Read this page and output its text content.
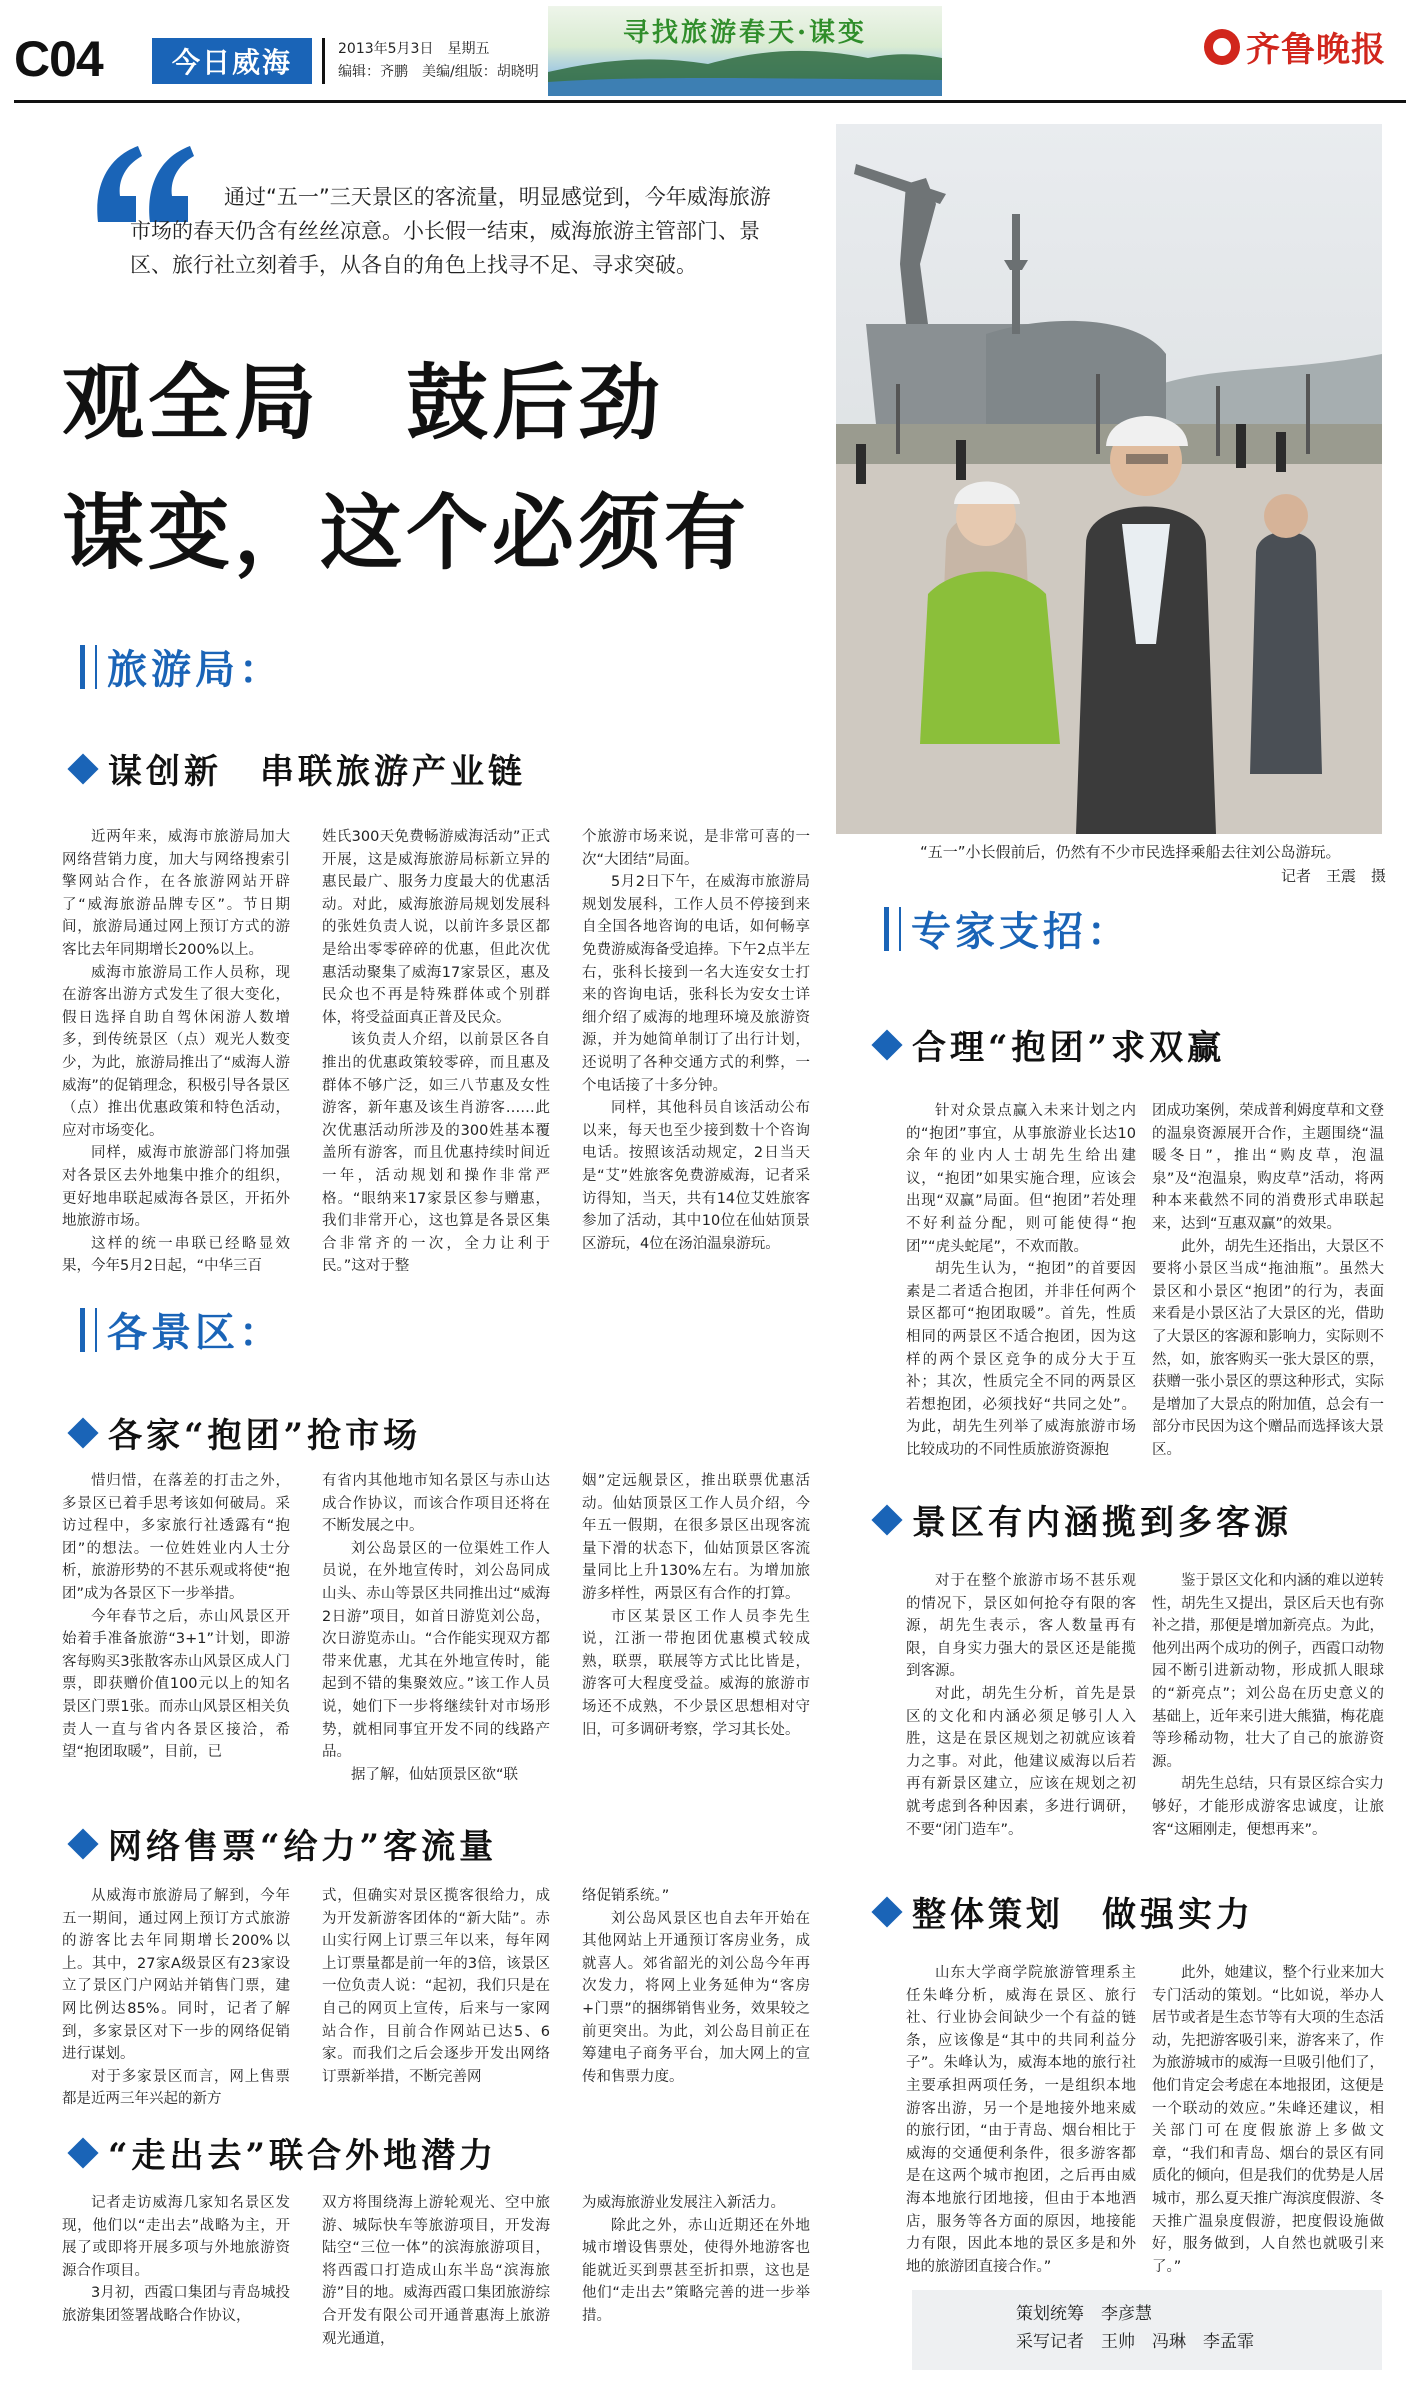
C04	今日威海	2013年5月3日　星期五
编辑：齐鹏　美编/组版：胡晓明
寻找旅游春天·谋变	齐鲁晚报
通过“五一”三天景区的客流量，明显感觉到，今年威海旅游市场的春天仍含有丝丝凉意。小长假一结束，威海旅游主管部门、景区、旅行社立刻着手，从各自的角色上找寻不足、寻求突破。
观全局　鼓后劲
谋变，这个必须有
“五一”小长假前后，仍然有不少市民选择乘船去往刘公岛游玩。
记者　王震　摄
旅游局：
各景区：
专家支招：
谋创新　串联旅游产业链
各家“抱团”抢市场
网络售票“给力”客流量
“走出去”联合外地潜力
合理“抱团”求双赢
景区有内涵揽到多客源
整体策划　做强实力

近两年来，威海市旅游局加大网络营销力度，加大与网络搜索引擎网站合作，在各旅游网站开辟了“威海旅游品牌专区”。节日期间，旅游局通过网上预订方式的游客比去年同期增长200%以上。

威海市旅游局工作人员称，现在游客出游方式发生了很大变化，假日选择自助自驾休闲游人数增多，到传统景区（点）观光人数变少，为此，旅游局推出了“威海人游威海”的促销理念，积极引导各景区（点）推出优惠政策和特色活动，应对市场变化。

同样，威海市旅游部门将加强对各景区去外地集中推介的组织，更好地串联起威海各景区，开拓外地旅游市场。

这样的统一串联已经略显效果，今年5月2日起，“中华三百

姓氏300天免费畅游威海活动”正式开展，这是威海旅游局标新立异的惠民最广、服务力度最大的优惠活动。对此，威海旅游局规划发展科的张姓负责人说，以前许多景区都是给出零零碎碎的优惠，但此次优惠活动聚集了威海17家景区，惠及民众也不再是特殊群体或个别群体，将受益面真正普及民众。

该负责人介绍，以前景区各自推出的优惠政策较零碎，而且惠及群体不够广泛，如三八节惠及女性游客，新年惠及该生肖游客……此次优惠活动所涉及的300姓基本覆盖所有游客，而且优惠持续时间近一年，活动规划和操作非常严格。“眼纳来17家景区参与赠惠，我们非常开心，这也算是各景区集合非常齐的一次，全力让利于民。”这对于整

个旅游市场来说，是非常可喜的一次“大团结”局面。

5月2日下午，在威海市旅游局规划发展科，工作人员不停接到来自全国各地咨询的电话，如何畅享免费游威海备受追捧。下午2点半左右，张科长接到一名大连安女士打来的咨询电话，张科长为安女士详细介绍了威海的地理环境及旅游资源，并为她简单制订了出行计划，还说明了各种交通方式的利弊，一个电话接了十多分钟。

同样，其他科员自该活动公布以来，每天也至少接到数十个咨询电话。按照该活动规定，2日当天是“艾”姓旅客免费游威海，记者采访得知，当天，共有14位艾姓旅客参加了活动，其中10位在仙姑顶景区游玩，4位在汤泊温泉游玩。

惜归惜，在落差的打击之外，多景区已着手思考该如何破局。采访过程中，多家旅行社透露有“抱团”的想法。一位姓姓业内人士分析，旅游形势的不甚乐观或将使“抱团”成为各景区下一步举措。

今年春节之后，赤山风景区开始着手准备旅游“3+1”计划，即游客每购买3张散客赤山风景区成人门票，即获赠价值100元以上的知名景区门票1张。而赤山风景区相关负责人一直与省内各景区接洽，希望“抱团取暖”，目前，已

有省内其他地市知名景区与赤山达成合作协议，而该合作项目还将在不断发展之中。

刘公岛景区的一位渠姓工作人员说，在外地宣传时，刘公岛同成山头、赤山等景区共同推出过“威海2日游”项目，如首日游览刘公岛，次日游览赤山。“合作能实现双方都带来优惠，尤其在外地宣传时，能起到不错的集聚效应。”该工作人员说，她们下一步将继续针对市场形势，就相同事宜开发不同的线路产品。

据了解，仙姑顶景区欲“联

姻”定远舰景区，推出联票优惠活动。仙姑顶景区工作人员介绍，今年五一假期，在很多景区出现客流量下滑的状态下，仙姑顶景区客流量同比上升130%左右。为增加旅游多样性，两景区有合作的打算。

市区某景区工作人员李先生说，江浙一带抱团优惠模式较成熟，联票，联展等方式比比皆是，游客可大程度受益。威海的旅游市场还不成熟，不少景区思想相对守旧，可多调研考察，学习其长处。

从威海市旅游局了解到，今年五一期间，通过网上预订方式旅游的游客比去年同期增长200%以上。其中，27家A级景区有23家设立了景区门户网站并销售门票，建网比例达85%。同时，记者了解到，多家景区对下一步的网络促销进行谋划。

对于多家景区而言，网上售票都是近两三年兴起的新方

式，但确实对景区揽客很给力，成为开发新游客团体的“新大陆”。赤山实行网上订票三年以来，每年网上订票量都是前一年的3倍，该景区一位负责人说：“起初，我们只是在自己的网页上宣传，后来与一家网站合作，目前合作网站已达5、6家。而我们之后会逐步开发出网络订票新举措，不断完善网

络促销系统。”

刘公岛风景区也自去年开始在其他网站上开通预订客房业务，成就喜人。郊省韶光的刘公岛今年再次发力，将网上业务延伸为“客房+门票”的捆绑销售业务，效果较之前更突出。为此，刘公岛目前正在筹建电子商务平台，加大网上的宣传和售票力度。

记者走访威海几家知名景区发现，他们以“走出去”战略为主，开展了或即将开展多项与外地旅游资源合作项目。

3月初，西霞口集团与青岛城投旅游集团签署战略合作协议，

双方将围绕海上游轮观光、空中旅游、城际快车等旅游项目，开发海陆空“三位一体”的滨海旅游项目，将西霞口打造成山东半岛“滨海旅游”目的地。威海西霞口集团旅游综合开发有限公司开通普惠海上旅游观光通道，

为威海旅游业发展注入新活力。

除此之外，赤山近期还在外地城市增设售票处，使得外地游客也能就近买到票甚至折扣票，这也是他们“走出去”策略完善的进一步举措。

针对众景点赢入未来计划之内的“抱团”事宜，从事旅游业长达10余年的业内人士胡先生给出建议，“抱团”如果实施合理，应该会出现“双赢”局面。但“抱团”若处理不好利益分配，则可能使得“抱团”“虎头蛇尾”，不欢而散。

胡先生认为，“抱团”的首要因素是二者适合抱团，并非任何两个景区都可“抱团取暖”。首先，性质相同的两景区不适合抱团，因为这样的两个景区竞争的成分大于互补；其次，性质完全不同的两景区若想抱团，必须找好“共同之处”。为此，胡先生列举了威海旅游市场比较成功的不同性质旅游资源抱

团成功案例，荣成普利姆度草和文登的温泉资源展开合作，主题围绕“温暖冬日”，推出“购皮草，泡温泉”及“泡温泉，购皮草”活动，将两种本来截然不同的消费形式串联起来，达到“互惠双赢”的效果。

此外，胡先生还指出，大景区不要将小景区当成“拖油瓶”。虽然大景区和小景区“抱团”的行为，表面来看是小景区沾了大景区的光，借助了大景区的客源和影响力，实际则不然，如，旅客购买一张大景区的票，获赠一张小景区的票这种形式，实际是增加了大景点的附加值，总会有一部分市民因为这个赠品而选择该大景区。

对于在整个旅游市场不甚乐观的情况下，景区如何抢夺有限的客源，胡先生表示，客人数量再有限，自身实力强大的景区还是能揽到客源。

对此，胡先生分析，首先是景区的文化和内涵必须足够引人入胜，这是在景区规划之初就应该着力之事。对此，他建议威海以后若再有新景区建立，应该在规划之初就考虑到各种因素，多进行调研，不要“闭门造车”。

鉴于景区文化和内涵的难以逆转性，胡先生又提出，景区后天也有弥补之措，那便是增加新亮点。为此，他列出两个成功的例子，西霞口动物园不断引进新动物，形成抓人眼球的“新亮点”；刘公岛在历史意义的基础上，近年来引进大熊猫，梅花鹿等珍稀动物，壮大了自己的旅游资源。

胡先生总结，只有景区综合实力够好，才能形成游客忠诚度，让旅客“这厢刚走，便想再来”。

山东大学商学院旅游管理系主任朱峰分析，威海在景区、旅行社、行业协会间缺少一个有益的链条，应该像是“其中的共同利益分子”。朱峰认为，威海本地的旅行社主要承担两项任务，一是组织本地游客出游，另一个是地接外地来威的旅行团，“由于青岛、烟台相比于威海的交通便利条件，很多游客都是在这两个城市抱团，之后再由威海本地旅行团地接，但由于本地酒店，服务等各方面的原因，地接能力有限，因此本地的景区多是和外地的旅游团直接合作。”

此外，她建议，整个行业来加大专门活动的策划。“比如说，举办人居节或者是生态节等有大项的生态活动，先把游客吸引来，游客来了，作为旅游城市的威海一旦吸引他们了，他们肯定会考虑在本地报团，这便是一个联动的效应。”朱峰还建议，相关部门可在度假旅游上多做文章，“我们和青岛、烟台的景区有同质化的倾向，但是我们的优势是人居城市，那么夏天推广海滨度假游、冬天推广温泉度假游，把度假设施做好，服务做到，人自然也就吸引来了。”

策划统筹　李彦慧
采写记者　王帅　冯琳　李孟霏
